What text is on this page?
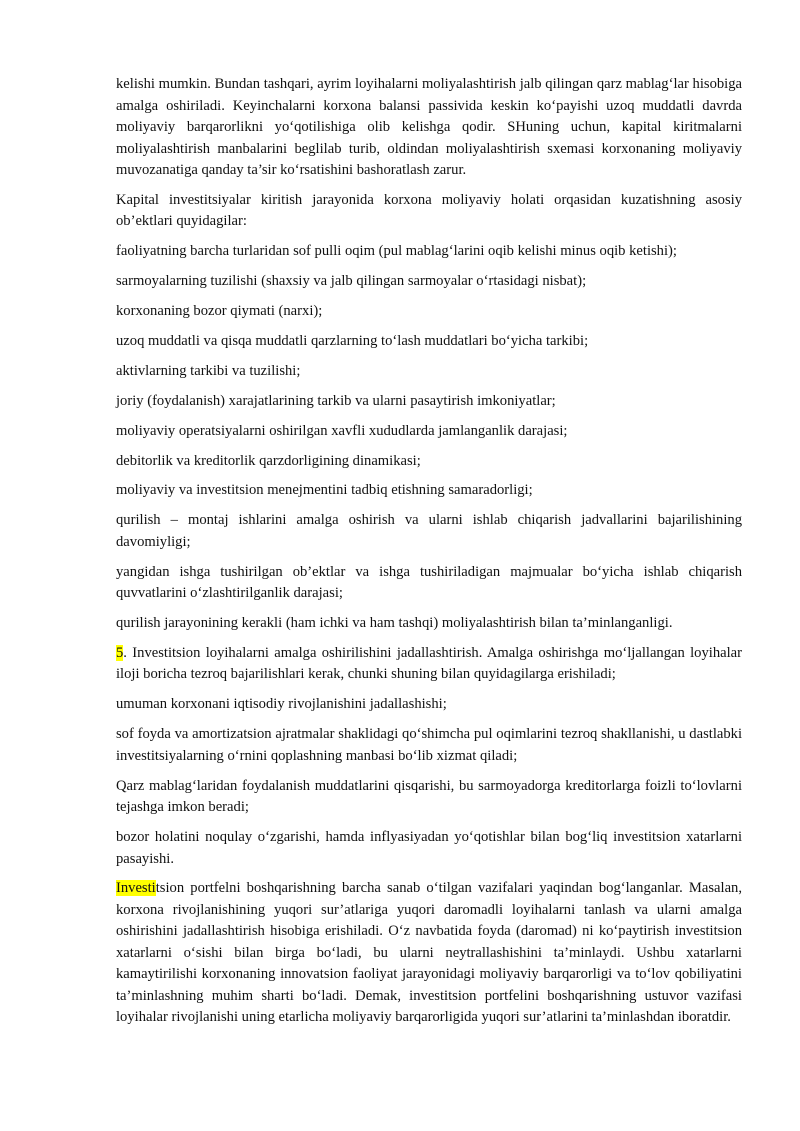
kelishi mumkin. Bundan tashqari, ayrim loyihalarni moliyalashtirish jalb qilingan qarz mablag‘lar hisobiga amalga oshiriladi. Keyinchalarni korxona balansi passivida keskin ko‘payishi uzoq muddatli davrda moliyaviy barqarorlikni yo‘qotilishiga olib kelishga qodir. SHuning uchun, kapital kiritmalarni moliyalashtirish manbalarini beglilab turib, oldindan moliyalashtirish sxemasi korxonaning moliyaviy muvozanatiga qanday ta’sir ko‘rsatishini bashoratlash zarur.

Kapital investitsiyalar kiritish jarayonida korxona moliyaviy holati orqasidan kuzatishning asosiy ob’ektlari quyidagilar:

faoliyatning barcha turlaridan sof pulli oqim (pul mablag‘larini oqib kelishi minus oqib ketishi);

sarmoyalarning tuzilishi (shaxsiy va jalb qilingan sarmoyalar o‘rtasidagi nisbat);

korxonaning bozor qiymati (narxi);

uzoq muddatli va qisqa muddatli qarzlarning to‘lash muddatlari bo‘yicha tarkibi;

aktivlarning tarkibi va tuzilishi;

joriy (foydalanish) xarajatlarining tarkib va ularni pasaytirish imkoniyatlar;

moliyaviy operatsiyalarni oshirilgan xavfli xududlarda jamlanganlik darajasi;

debitorlik va kreditorlik qarzdorligining dinamikasi;

moliyaviy va investitsion menejmentini tadbiq etishning samaradorligi;

qurilish – montaj ishlarini amalga oshirish va ularni ishlab chiqarish jadvallarini bajarilishining davomiyligi;

yangidan ishga tushirilgan ob’ektlar va ishga tushiriladigan majmualar bo‘yicha ishlab chiqarish quvvatlarini o‘zlashtirilganlik darajasi;

qurilish jarayonining kerakli (ham ichki va ham tashqi) moliyalashtirish bilan ta’minlanganligi.

5. Investitsion loyihalarni amalga oshirilishini jadallashtirish. Amalga oshirishga mo‘ljallangan loyihalar iloji boricha tezroq bajarilishlari kerak, chunki shuning bilan quyidagilarga erishiladi;

umuman korxonani iqtisodiy rivojlanishini jadallashishi;

sof foyda va amortizatsion ajratmalar shaklidagi qo‘shimcha pul oqimlarini tezroq shakllanishi, u dastlabki investitsiyalarning o‘rnini qoplashning manbasi bo‘lib xizmat qiladi;

Qarz mablag‘laridan foydalanish muddatlarini qisqarishi, bu sarmoyadorga kreditorlarga foizli to‘lovlarni tejashga imkon beradi;

bozor holatini noqulay o‘zgarishi, hamda inflyasiyadan yo‘qotishlar bilan bog‘liq investitsion xatarlarni pasayishi.

Investitsion portfelni boshqarishning barcha sanab o‘tilgan vazifalari yaqindan bog‘langanlar. Masalan, korxona rivojlanishining yuqori sur’atlariga yuqori daromadli loyihalarni tanlash va ularni amalga oshirishini jadallashtirish hisobiga erishiladi. O‘z navbatida foyda (daromad) ni ko‘paytirish investitsion xatarlarni o‘sishi bilan birga bo‘ladi, bu ularni neytrallashishini ta’minlaydi. Ushbu xatarlarni kamaytirilishi korxonaning innovatsion faoliyat jarayonidagi moliyaviy barqarorligi va to‘lov qobiliyatini ta’minlashning muhim sharti bo‘ladi. Demak, investitsion portfelini boshqarishning ustuvor vazifasi loyihalar rivojlanishi uning etarlicha moliyaviy barqarorligida yuqori sur’atlarini ta’minlashdan iboratdir.
